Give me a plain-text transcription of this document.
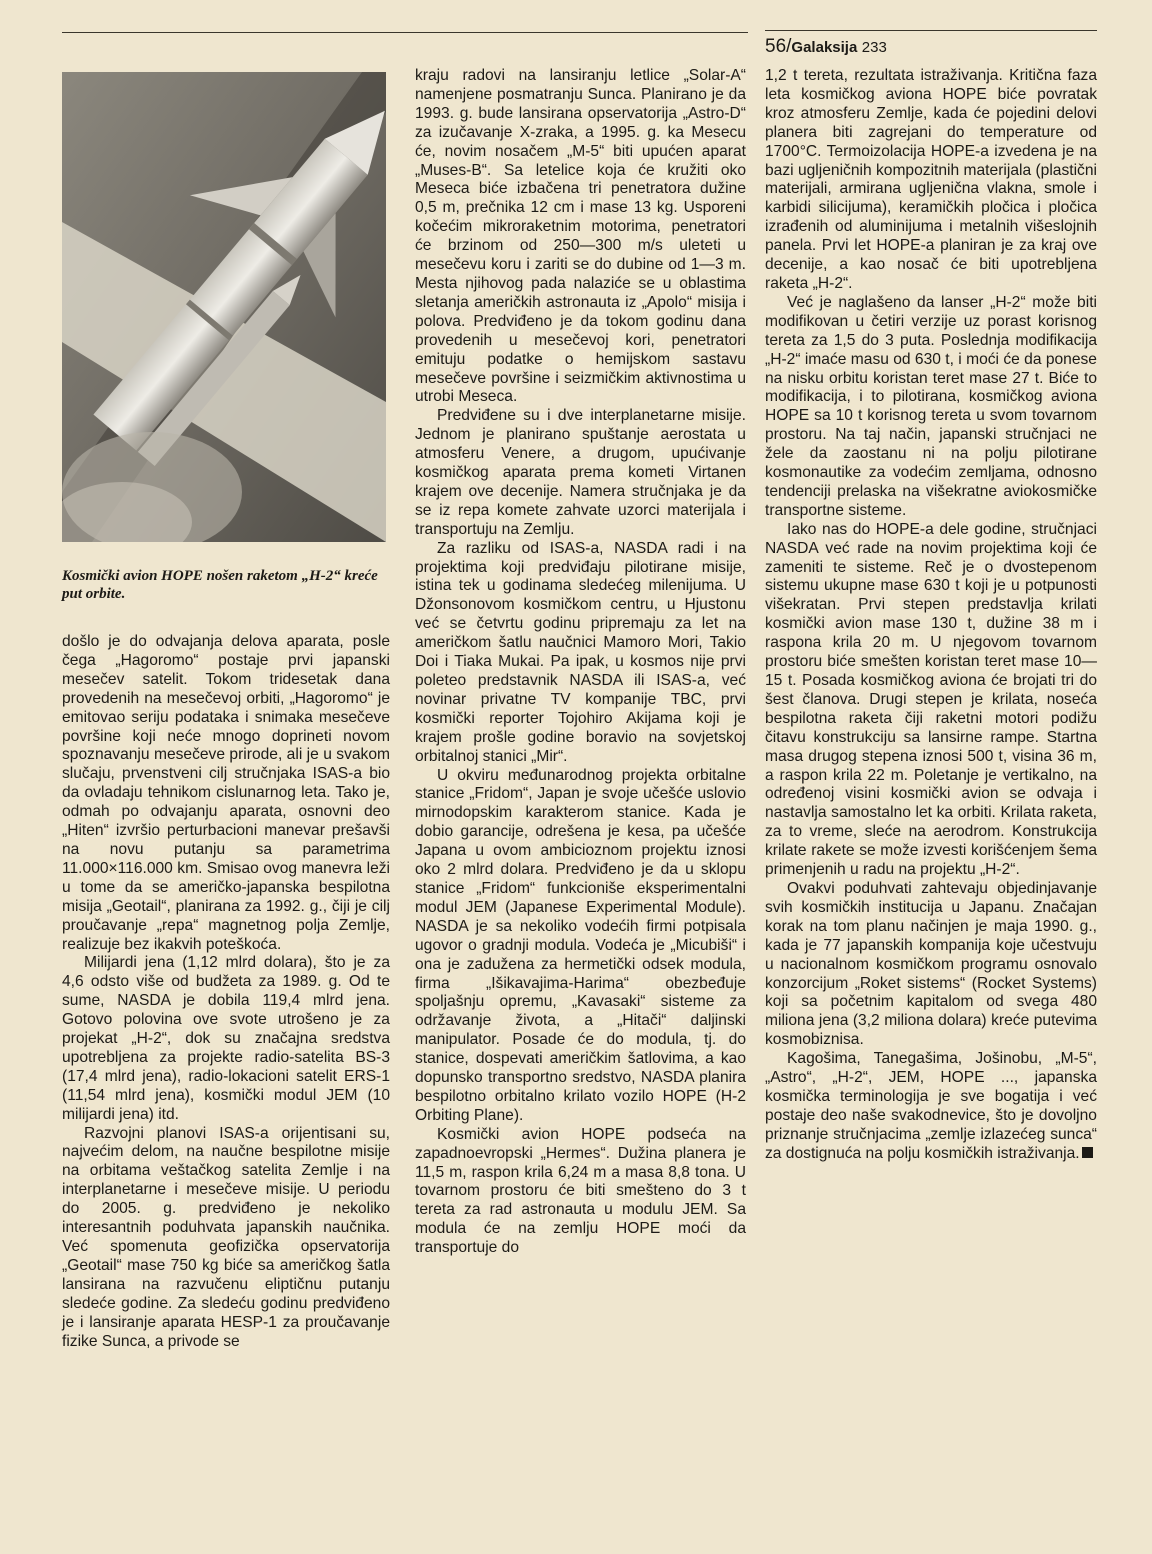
56/Galaksija 233
Kosmički avion HOPE nošen raketom „H-2“ kreće put orbite.

došlo je do odvajanja delova aparata, posle čega „Hagoromo“ postaje prvi japanski mesečev satelit. Tokom tridesetak dana provedenih na mesečevoj orbiti, „Hagoromo“ je emitovao seriju podataka i snimaka mesečeve površine koji neće mnogo doprineti novom spoznavanju mesečeve prirode, ali je u svakom slučaju, prvenstveni cilj stručnjaka ISAS-a bio da ovladaju tehnikom cislunarnog leta. Tako je, odmah po odvajanju aparata, osnovni deo „Hiten“ izvršio perturbacioni manevar prešavši na novu putanju sa parametrima 11.000×116.000 km. Smisao ovog manevra leži u tome da se američko-japanska bespilotna misija „Geotail“, planirana za 1992. g., čiji je cilj proučavanje „repa“ magnetnog polja Zemlje, realizuje bez ikakvih poteškoća.

Milijardi jena (1,12 mlrd dolara), što je za 4,6 odsto više od budžeta za 1989. g. Od te sume, NASDA je dobila 119,4 mlrd jena. Gotovo polovina ove svote utrošeno je za projekat „H-2“, dok su značajna sredstva upotrebljena za projekte radio-satelita BS-3 (17,4 mlrd jena), radio-lokacioni satelit ERS-1 (11,54 mlrd jena), kosmički modul JEM (10 milijardi jena) itd.

Razvojni planovi ISAS-a orijentisani su, najvećim delom, na naučne bespilotne misije na orbitama veštačkog satelita Zemlje i na interplanetarne i mesečeve misije. U periodu do 2005. g. predviđeno je nekoliko interesantnih poduhvata japanskih naučnika. Već spomenuta geofizička opservatorija „Geotail“ mase 750 kg biće sa američkog šatla lansirana na razvučenu eliptičnu putanju sledeće godine. Za sledeću godinu predviđeno je i lansiranje aparata HESP-1 za proučavanje fizike Sunca, a privode se

kraju radovi na lansiranju letlice „Solar-A“ namenjene posmatranju Sunca. Planirano je da 1993. g. bude lansirana opservatorija „Astro-D“ za izučavanje X-zraka, a 1995. g. ka Mesecu će, novim nosačem „M-5“ biti upućen aparat „Muses-B“. Sa letelice koja će kružiti oko Meseca biće izbačena tri penetratora dužine 0,5 m, prečnika 12 cm i mase 13 kg. Usporeni kočećim mikroraketnim motorima, penetratori će brzinom od 250—300 m/s uleteti u mesečevu koru i zariti se do dubine od 1—3 m. Mesta njihovog pada nalaziće se u oblastima sletanja američkih astronauta iz „Apolo“ misija i polova. Predviđeno je da tokom godinu dana provedenih u mesečevoj kori, penetratori emituju podatke o hemijskom sastavu mesečeve površine i seizmičkim aktivnostima u utrobi Meseca.

Predviđene su i dve interplanetarne misije. Jednom je planirano spuštanje aerostata u atmosferu Venere, a drugom, upućivanje kosmičkog aparata prema kometi Virtanen krajem ove decenije. Namera stručnjaka je da se iz repa komete zahvate uzorci materijala i transportuju na Zemlju.

Za razliku od ISAS-a, NASDA radi i na projektima koji predviđaju pilotirane misije, istina tek u godinama sledećeg milenijuma. U Džonsonovom kosmičkom centru, u Hjustonu već se četvrtu godinu pripremaju za let na američkom šatlu naučnici Mamoro Mori, Takio Doi i Tiaka Mukai. Pa ipak, u kosmos nije prvi poleteo predstavnik NASDA ili ISAS-a, već novinar privatne TV kompanije TBC, prvi kosmički reporter Tojohiro Akijama koji je krajem prošle godine boravio na sovjetskoj orbitalnoj stanici „Mir“.

U okviru međunarodnog projekta orbitalne stanice „Fridom“, Japan je svoje učešće uslovio mirnodopskim karakterom stanice. Kada je dobio garancije, odrešena je kesa, pa učešće Japana u ovom ambicioznom projektu iznosi oko 2 mlrd dolara. Predviđeno je da u sklopu stanice „Fridom“ funkcioniše eksperimentalni modul JEM (Japanese Experimental Module). NASDA je sa nekoliko vodećih firmi potpisala ugovor o gradnji modula. Vodeća je „Micubiši“ i ona je zadužena za hermetički odsek modula, firma „Išikavajima-Harima“ obezbeđuje spoljašnju opremu, „Kavasaki“ sisteme za održavanje života, a „Hitači“ daljinski manipulator. Posade će do modula, tj. do stanice, dospevati američkim šatlovima, a kao dopunsko transportno sredstvo, NASDA planira bespilotno orbitalno krilato vozilo HOPE (H-2 Orbiting Plane).

Kosmički avion HOPE podseća na zapadnoevropski „Hermes“. Dužina planera je 11,5 m, raspon krila 6,24 m a masa 8,8 tona. U tovarnom prostoru će biti smešteno do 3 t tereta za rad astronauta u modulu JEM. Sa modula će na zemlju HOPE moći da transportuje do

1,2 t tereta, rezultata istraživanja. Kritična faza leta kosmičkog aviona HOPE biće povratak kroz atmosferu Zemlje, kada će pojedini delovi planera biti zagrejani do temperature od 1700°C. Termoizolacija HOPE-a izvedena je na bazi ugljeničnih kompozitnih materijala (plastični materijali, armirana ugljenična vlakna, smole i karbidi silicijuma), keramičkih pločica i pločica izrađenih od aluminijuma i metalnih višeslojnih panela. Prvi let HOPE-a planiran je za kraj ove decenije, a kao nosač će biti upotrebljena raketa „H-2“.

Već je naglašeno da lanser „H-2“ može biti modifikovan u četiri verzije uz porast korisnog tereta za 1,5 do 3 puta. Poslednja modifikacija „H-2“ imaće masu od 630 t, i moći će da ponese na nisku orbitu koristan teret mase 27 t. Biće to modifikacija, i to pilotirana, kosmičkog aviona HOPE sa 10 t korisnog tereta u svom tovarnom prostoru. Na taj način, japanski stručnjaci ne žele da zaostanu ni na polju pilotirane kosmonautike za vodećim zemljama, odnosno tendenciji prelaska na višekratne aviokosmičke transportne sisteme.

Iako nas do HOPE-a dele godine, stručnjaci NASDA već rade na novim projektima koji će zameniti te sisteme. Reč je o dvostepenom sistemu ukupne mase 630 t koji je u potpunosti višekratan. Prvi stepen predstavlja krilati kosmički avion mase 130 t, dužine 38 m i raspona krila 20 m. U njegovom tovarnom prostoru biće smešten koristan teret mase 10—15 t. Posada kosmičkog aviona će brojati tri do šest članova. Drugi stepen je krilata, noseća bespilotna raketa čiji raketni motori podižu čitavu konstrukciju sa lansirne rampe. Startna masa drugog stepena iznosi 500 t, visina 36 m, a raspon krila 22 m. Poletanje je vertikalno, na određenoj visini kosmički avion se odvaja i nastavlja samostalno let ka orbiti. Krilata raketa, za to vreme, sleće na aerodrom. Konstrukcija krilate rakete se može izvesti korišćenjem šema primenjenih u radu na projektu „H-2“.

Ovakvi poduhvati zahtevaju objedinjavanje svih kosmičkih institucija u Japanu. Značajan korak na tom planu načinjen je maja 1990. g., kada je 77 japanskih kompanija koje učestvuju u nacionalnom kosmičkom programu osnovalo konzorcijum „Roket sistems“ (Rocket Systems) koji sa početnim kapitalom od svega 480 miliona jena (3,2 miliona dolara) kreće putevima kosmobiznisa.

Kagošima, Tanegašima, Jošinobu, „M-5“, „Astro“, „H-2“, JEM, HOPE ..., japanska kosmička terminologija je sve bogatija i već postaje deo naše svakodnevice, što je dovoljno priznanje stručnjacima „zemlje izlazećeg sunca“ za dostignuća na polju kosmičkih istraživanja.
